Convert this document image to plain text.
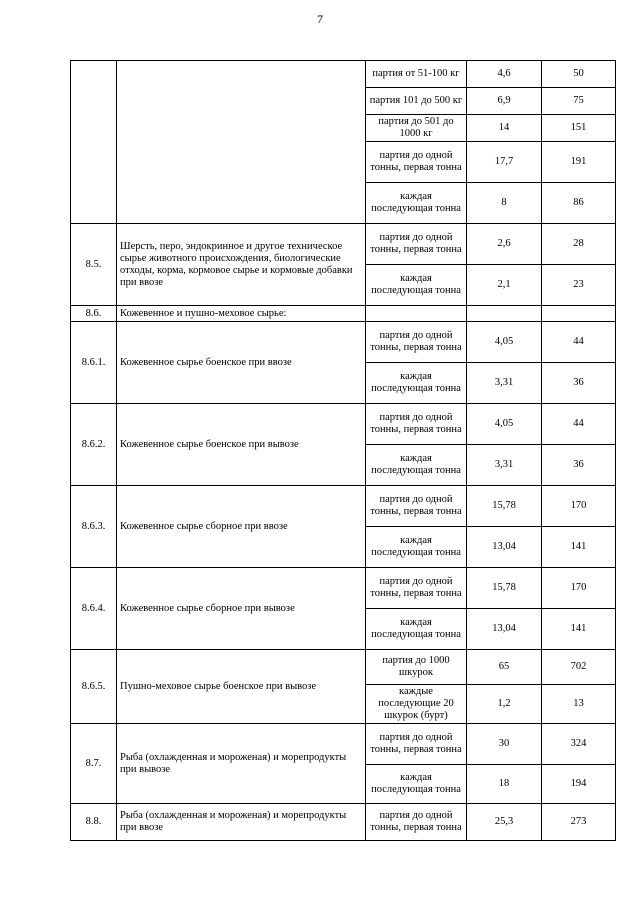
7
		партия от 51-100 кг	4,6	50
		партия 101 до 500 кг	6,9	75
		партия до 501 до 1000 кг	14	151
		партия до одной тонны, первая тонна	17,7	191
		каждая последующая тонна	8	86
8.5.	Шерсть, перо, эндокринное и другое техническое сырье животного происхождения, биологические отходы, корма, кормовое сырье и кормовые добавки при ввозе	партия до одной тонны, первая тонна	2,6	28
		каждая последующая тонна	2,1	23
8.6.	Кожевенное и пушно-меховое сырье:			
8.6.1.	Кожевенное сырье боенское при ввозе	партия до одной тонны, первая тонна	4,05	44
		каждая последующая тонна	3,31	36
8.6.2.	Кожевенное сырье боенское при вывозе	партия до одной тонны, первая тонна	4,05	44
		каждая последующая тонна	3,31	36
8.6.3.	Кожевенное сырье сборное при ввозе	партия до одной тонны, первая тонна	15,78	170
		каждая последующая тонна	13,04	141
8.6.4.	Кожевенное сырье сборное при вывозе	партия до одной тонны, первая тонна	15,78	170
		каждая последующая тонна	13,04	141
8.6.5.	Пушно-меховое сырье боенское при вывозе	партия до 1000 шкурок	65	702
		каждые последующие 20 шкурок (бурт)	1,2	13
8.7.	Рыба (охлажденная и мороженая) и морепродукты при вывозе	партия до одной тонны, первая тонна	30	324
		каждая последующая тонна	18	194
8.8.	Рыба (охлажденная и мороженая) и морепродукты при ввозе	партия до одной тонны, первая тонна	25,3	273
